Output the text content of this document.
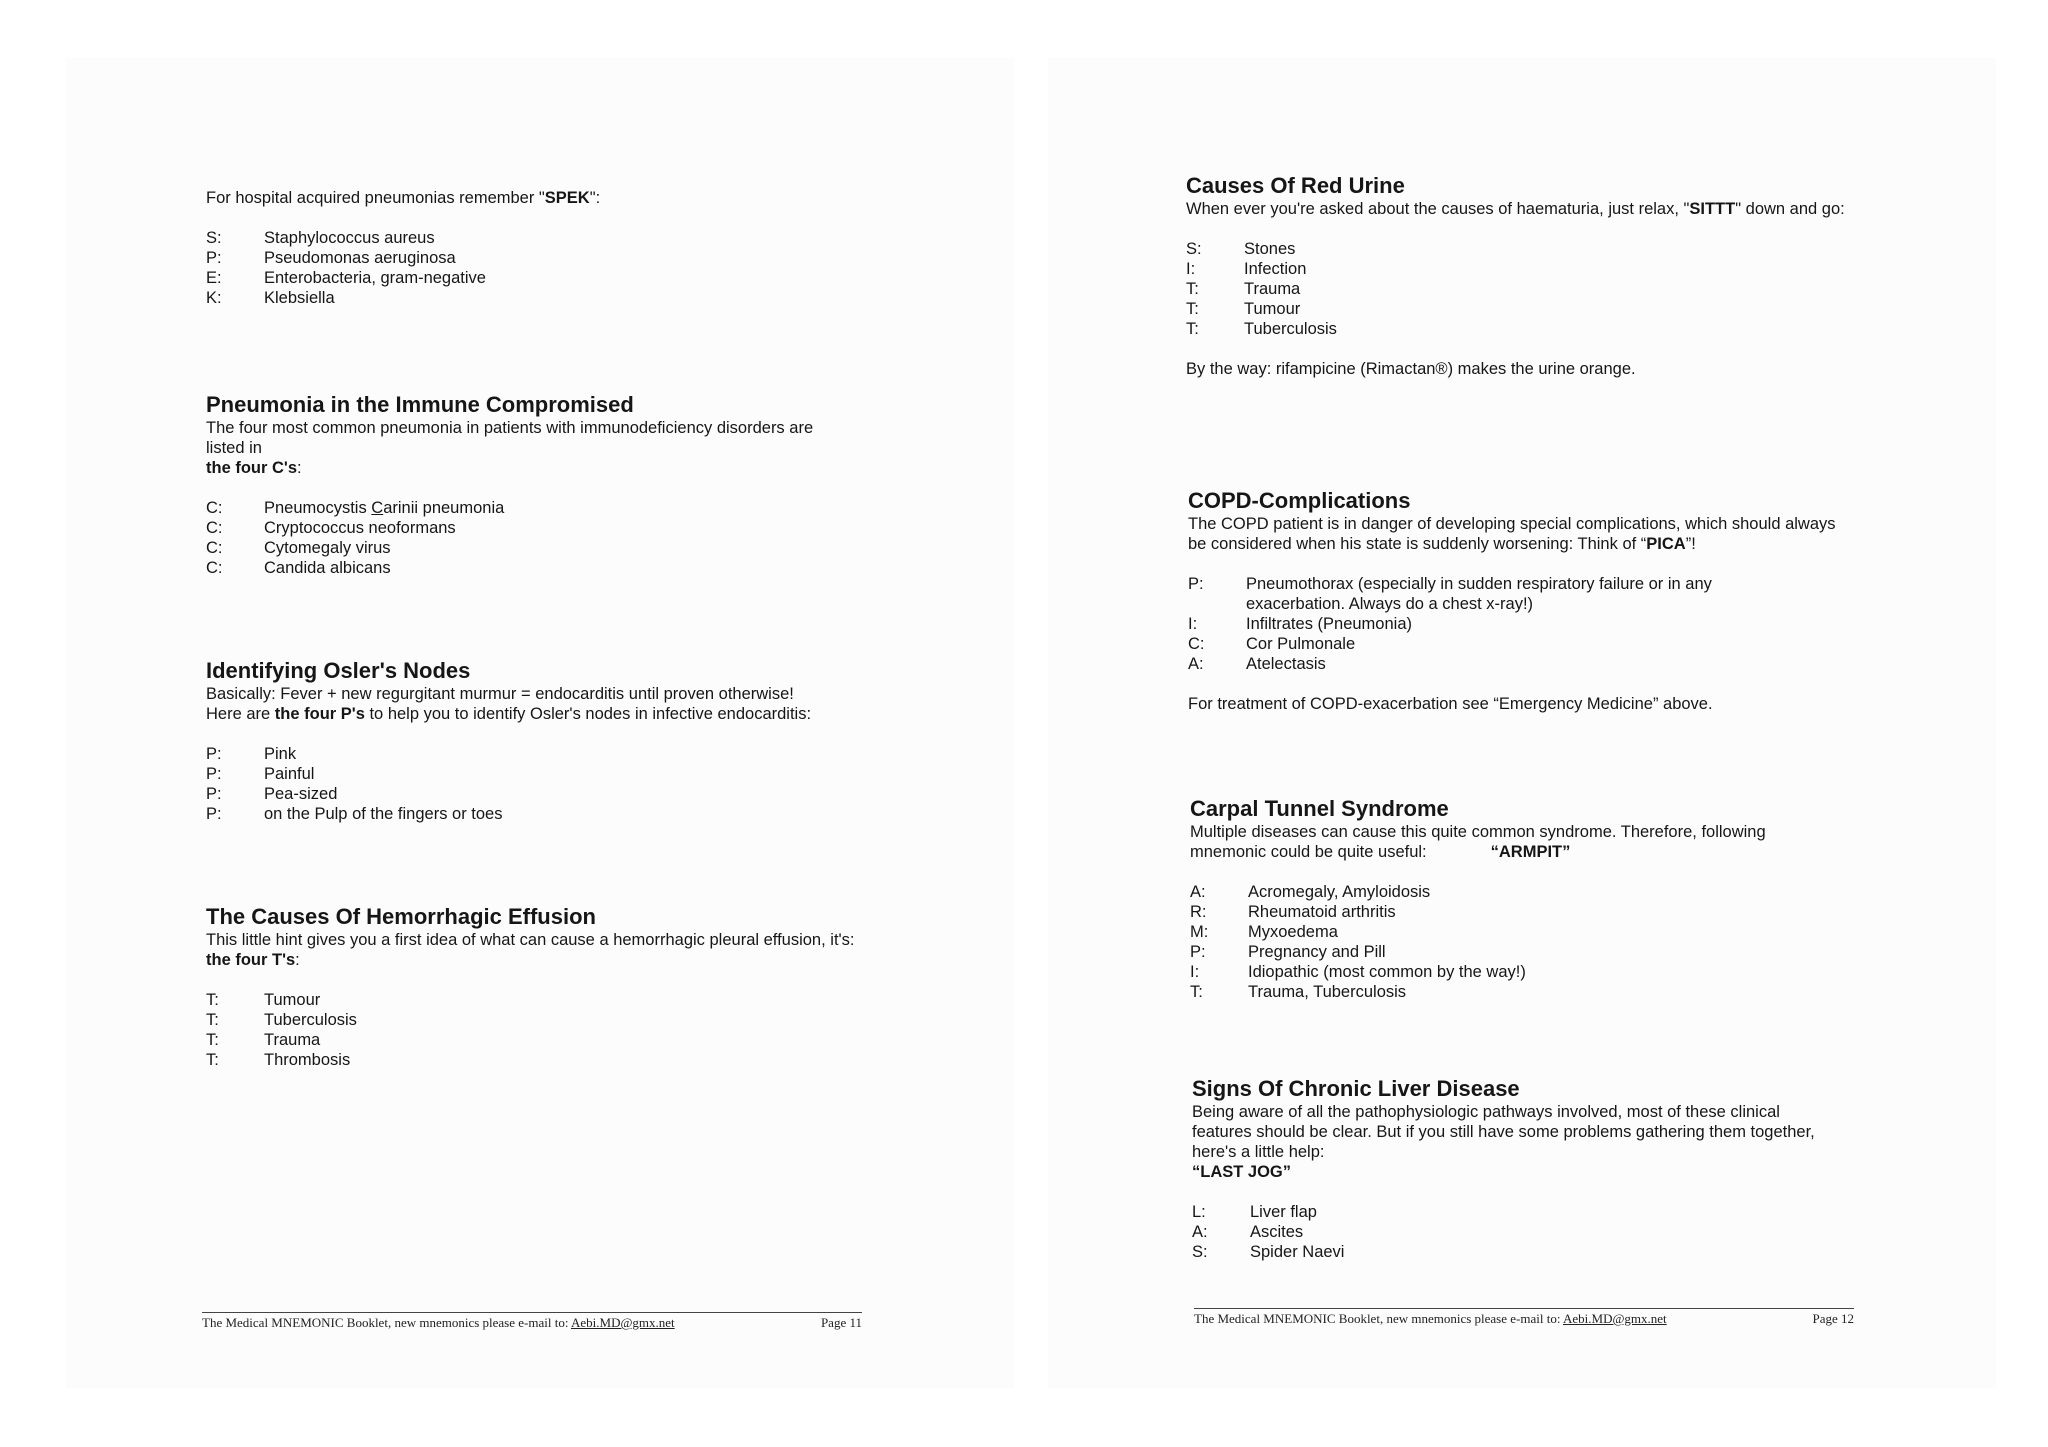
For hospital acquired pneumonias remember "SPEK":

S:	Staphylococcus aureus
P:	Pseudomonas aeruginosa
E:	Enterobacteria, gram-negative
K:	Klebsiella
Pneumonia in the Immune Compromised

The four most common pneumonia in patients with immunodeficiency disorders are listed in

the four C's:

C:	Pneumocystis Carinii pneumonia
C:	Cryptococcus neoformans
C:	Cytomegaly virus
C:	Candida albicans
Identifying Osler's Nodes

Basically: Fever + new regurgitant murmur = endocarditis until proven otherwise!

Here are the four P's to help you to identify Osler's nodes in infective endocarditis:

P:	Pink
P:	Painful
P:	Pea-sized
P:	on the Pulp of the fingers or toes
The Causes Of Hemorrhagic Effusion

This little hint gives you a first idea of what can cause a hemorrhagic pleural effusion, it's:

the four T's:

T:	Tumour
T:	Tuberculosis
T:	Trauma
T:	Thrombosis
The Medical MNEMONIC Booklet, new mnemonics please e-mail to: Aebi.MD@gmx.net	Page 11
Causes Of Red Urine

When ever you're asked about the causes of haematuria, just relax, "SITTT" down and go:

S:	Stones
I:	Infection
T:	Trauma
T:	Tumour
T:	Tuberculosis

By the way: rifampicine (Rimactan®) makes the urine orange.

COPD-Complications

The COPD patient is in danger of developing special complications, which should always be considered when his state is suddenly worsening: Think of “PICA”!

P:	Pneumothorax (especially in sudden respiratory failure or in any exacerbation. Always do a chest x-ray!)
I:	Infiltrates (Pneumonia)
C:	Cor Pulmonale
A:	Atelectasis

For treatment of COPD-exacerbation see “Emergency Medicine” above.

Carpal Tunnel Syndrome

Multiple diseases can cause this quite common syndrome. Therefore, following

mnemonic could be quite useful:	“ARMPIT”

A:	Acromegaly, Amyloidosis
R:	Rheumatoid arthritis
M:	Myxoedema
P:	Pregnancy and Pill
I:	Idiopathic (most common by the way!)
T:	Trauma, Tuberculosis
Signs Of Chronic Liver Disease

Being aware of all the pathophysiologic pathways involved, most of these clinical features should be clear. But if you still have some problems gathering them together, here's a little help:

“LAST JOG”

L:	Liver flap
A:	Ascites
S:	Spider Naevi
The Medical MNEMONIC Booklet, new mnemonics please e-mail to: Aebi.MD@gmx.net	Page 12
